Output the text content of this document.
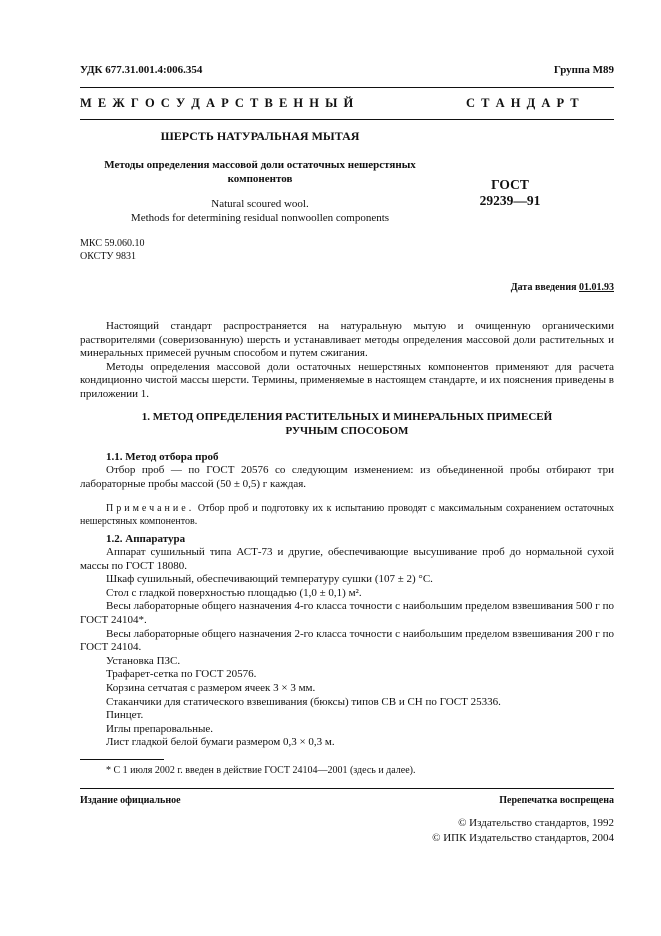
УДК 677.31.001.4:006.354	Группа М89
М Е Ж Г О С У Д А Р С Т В Е Н Н Ы Й	С Т А Н Д А Р Т
ШЕРСТЬ НАТУРАЛЬНАЯ МЫТАЯ
Методы определения массовой доли остаточных нешерстяных
компонентов
Natural scoured wool.
Methods for determining residual nonwoollen components
ГОСТ
29239—91
МКС 59.060.10
ОКСТУ 9831
Дата введения 01.01.93

Настоящий стандарт распространяется на натуральную мытую и очищенную органическими растворителями (соверизованную) шерсть и устанавливает методы определения массовой доли растительных и минеральных примесей ручным способом и путем сжигания.

Методы определения массовой доли остаточных нешерстяных компонентов применяют для расчета кондиционно чистой массы шерсти. Термины, применяемые в настоящем стандарте, и их пояснения приведены в приложении 1.

1. МЕТОД ОПРЕДЕЛЕНИЯ РАСТИТЕЛЬНЫХ И МИНЕРАЛЬНЫХ ПРИМЕСЕЙ
РУЧНЫМ СПОСОБОМ
1.1. Метод отбора проб

Отбор проб — по ГОСТ 20576 со следующим изменением: из объединенной пробы отбирают три лабораторные пробы массой (50 ± 0,5) г каждая.

Примечание. Отбор проб и подготовку их к испытанию проводят с максимальным сохранением остаточных нешерстяных компонентов.

1.2. Аппаратура

Аппарат сушильный типа АСТ-73 и другие, обеспечивающие высушивание проб до нормальной сухой массы по ГОСТ 18080.

Шкаф сушильный, обеспечивающий температуру сушки (107 ± 2) °С.

Стол с гладкой поверхностью площадью (1,0 ± 0,1) м².

Весы лабораторные общего назначения 4-го класса точности с наибольшим пределом взвешивания 500 г по ГОСТ 24104*.

Весы лабораторные общего назначения 2-го класса точности с наибольшим пределом взвешивания 200 г по ГОСТ 24104.

Установка ПЗС.

Трафарет-сетка по ГОСТ 20576.

Корзина сетчатая с размером ячеек 3 × 3 мм.

Стаканчики для статического взвешивания (бюксы) типов СВ и СН по ГОСТ 25336.

Пинцет.

Иглы препаровальные.

Лист гладкой белой бумаги размером 0,3 × 0,3 м.

* С 1 июля 2002 г. введен в действие ГОСТ 24104—2001 (здесь и далее).
Издание официальное	Перепечатка воспрещена
© Издательство стандартов, 1992
© ИПК Издательство стандартов, 2004
